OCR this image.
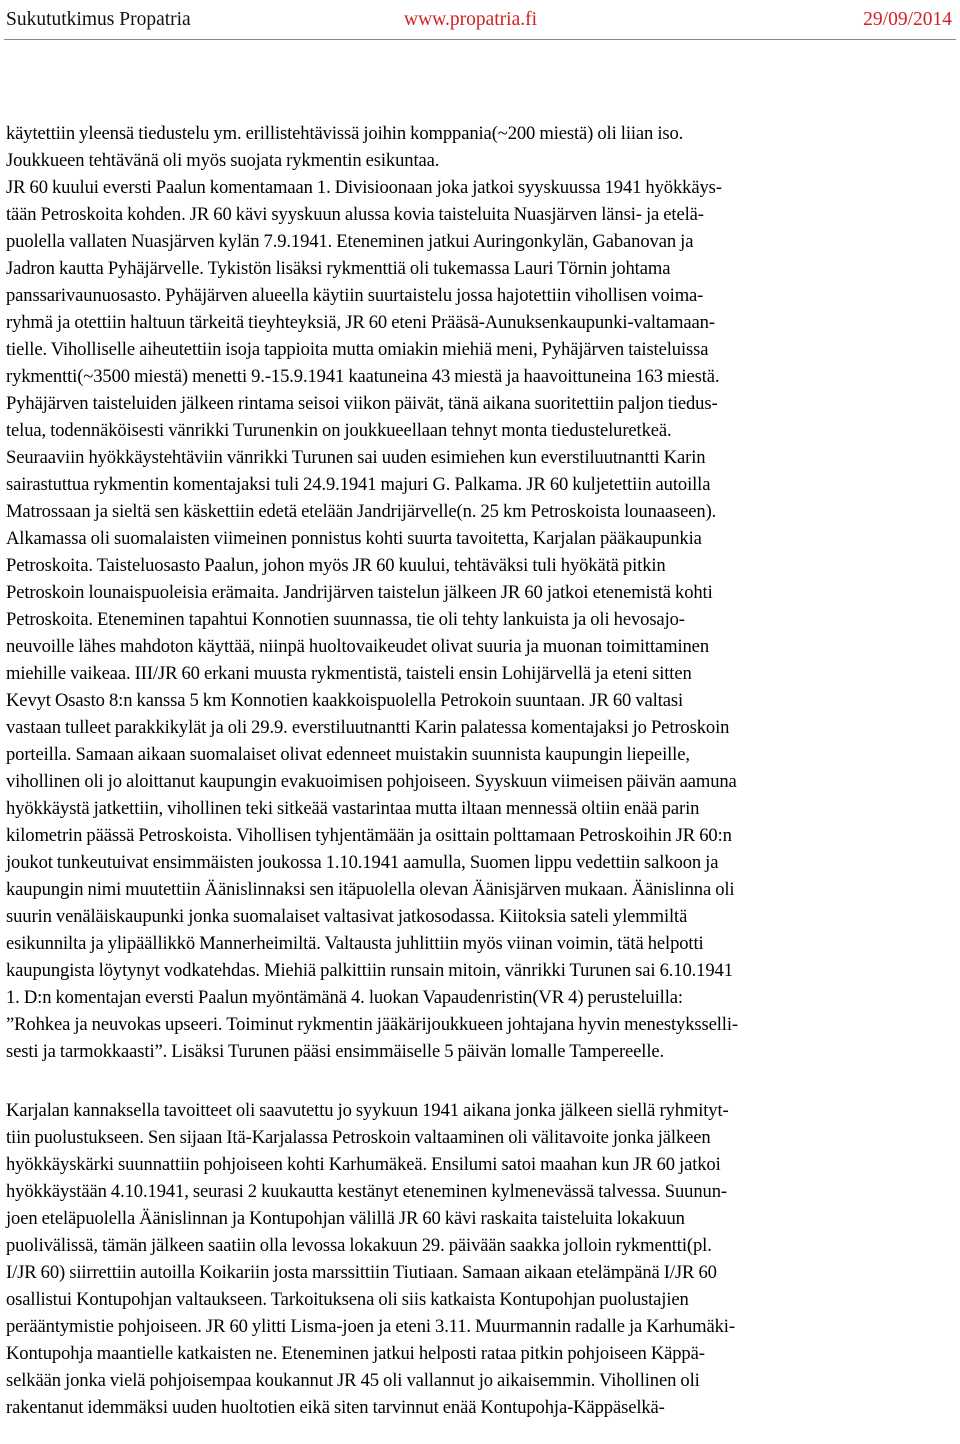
Sukututkimus Propatria	www.propatria.fi	29/09/2014

käytettiin yleensä tiedustelu ym. erillistehtävissä joihin komppania(~200 miestä) oli liian iso.
Joukkueen tehtävänä oli myös suojata rykmentin esikuntaa.
JR 60 kuului eversti Paalun komentamaan 1. Divisioonaan joka jatkoi syyskuussa 1941 hyökkäys-
tään Petroskoita kohden. JR 60 kävi syyskuun alussa kovia taisteluita Nuasjärven länsi- ja etelä-
puolella vallaten Nuasjärven kylän 7.9.1941. Eteneminen jatkui Auringonkylän, Gabanovan ja
Jadron kautta Pyhäjärvelle. Tykistön lisäksi rykmenttiä oli tukemassa Lauri Törnin johtama
panssarivaunuosasto. Pyhäjärven alueella käytiin suurtaistelu jossa hajotettiin vihollisen voima-
ryhmä ja otettiin haltuun tärkeitä tieyhteyksiä, JR 60 eteni Prääsä-Aunuksenkaupunki-valtamaan-
tielle. Viholliselle aiheutettiin isoja tappioita mutta omiakin miehiä meni, Pyhäjärven taisteluissa
rykmentti(~3500 miestä) menetti 9.-15.9.1941 kaatuneina 43 miestä ja haavoittuneina 163 miestä.
Pyhäjärven taisteluiden jälkeen rintama seisoi viikon päivät, tänä aikana suoritettiin paljon tiedus-
telua, todennäköisesti vänrikki Turunenkin on joukkueellaan tehnyt monta tiedusteluretkeä.
Seuraaviin hyökkäystehtäviin vänrikki Turunen sai uuden esimiehen kun everstiluutnantti Karin
sairastuttua rykmentin komentajaksi tuli 24.9.1941 majuri G. Palkama. JR 60 kuljetettiin autoilla
Matrossaan ja sieltä sen käskettiin edetä etelään Jandrijärvelle(n. 25 km Petroskoista lounaaseen).
Alkamassa oli suomalaisten viimeinen ponnistus kohti suurta tavoitetta, Karjalan pääkaupunkia
Petroskoita. Taisteluosasto Paalun, johon myös JR 60 kuului, tehtäväksi tuli hyökätä pitkin
Petroskoin lounaispuoleisia erämaita. Jandrijärven taistelun jälkeen JR 60 jatkoi etenemistä kohti
Petroskoita. Eteneminen tapahtui Konnotien suunnassa, tie oli tehty lankuista ja oli hevosajo-
neuvoille lähes mahdoton käyttää, niinpä huoltovaikeudet olivat suuria ja muonan toimittaminen
miehille vaikeaa. III/JR 60 erkani muusta rykmentistä, taisteli ensin Lohijärvellä ja eteni sitten
Kevyt Osasto 8:n kanssa 5 km Konnotien kaakkoispuolella Petrokoin suuntaan. JR 60 valtasi
vastaan tulleet parakkikylät ja oli 29.9. everstiluutnantti Karin palatessa komentajaksi jo Petroskoin
porteilla. Samaan aikaan suomalaiset olivat edenneet muistakin suunnista kaupungin liepeille,
vihollinen oli jo aloittanut kaupungin evakuoimisen pohjoiseen. Syyskuun viimeisen päivän aamuna
hyökkäystä jatkettiin, vihollinen teki sitkeää vastarintaa mutta iltaan mennessä oltiin enää parin
kilometrin päässä Petroskoista. Vihollisen tyhjentämään ja osittain polttamaan Petroskoihin JR 60:n
joukot tunkeutuivat ensimmäisten joukossa 1.10.1941 aamulla, Suomen lippu vedettiin salkoon ja
kaupungin nimi muutettiin Äänislinnaksi sen itäpuolella olevan Äänisjärven mukaan. Äänislinna oli
suurin venäläiskaupunki jonka suomalaiset valtasivat jatkosodassa. Kiitoksia sateli ylemmiltä
esikunnilta ja ylipäällikkö Mannerheimiltä. Valtausta juhlittiin myös viinan voimin, tätä helpotti
kaupungista löytynyt vodkatehdas. Miehiä palkittiin runsain mitoin, vänrikki Turunen sai 6.10.1941
1. D:n komentajan eversti Paalun myöntämänä 4. luokan Vapaudenristin(VR 4) perusteluilla:
”Rohkea ja neuvokas upseeri. Toiminut rykmentin jääkärijoukkueen johtajana hyvin menestyksselli-
sesti ja tarmokkaasti”. Lisäksi Turunen pääsi ensimmäiselle 5 päivän lomalle Tampereelle.

Karjalan kannaksella tavoitteet oli saavutettu jo syykuun 1941 aikana jonka jälkeen siellä ryhmityt-
tiin puolustukseen. Sen sijaan Itä-Karjalassa Petroskoin valtaaminen oli välitavoite jonka jälkeen
hyökkäyskärki suunnattiin pohjoiseen kohti Karhumäkeä. Ensilumi satoi maahan kun JR 60 jatkoi
hyökkäystään 4.10.1941, seurasi 2 kuukautta kestänyt eteneminen kylmenevässä talvessa. Suunun-
joen eteläpuolella Äänislinnan ja Kontupohjan välillä JR 60 kävi raskaita taisteluita lokakuun
puolivälissä, tämän jälkeen saatiin olla levossa lokakuun 29. päivään saakka jolloin rykmentti(pl.
I/JR 60) siirrettiin autoilla Koikariin josta marssittiin Tiutiaan. Samaan aikaan etelämpänä I/JR 60
osallistui Kontupohjan valtaukseen. Tarkoituksena oli siis katkaista Kontupohjan puolustajien
perääntymistie pohjoiseen. JR 60 ylitti Lisma-joen ja eteni 3.11. Muurmannin radalle ja Karhumäki-
Kontupohja maantielle katkaisten ne. Eteneminen jatkui helposti rataa pitkin pohjoiseen Käppä-
selkään jonka vielä pohjoisempaa koukannut JR 45 oli vallannut jo aikaisemmin. Vihollinen oli
rakentanut idemmäksi uuden huoltotien eikä siten tarvinnut enää Kontupohja-Käppäselkä-
